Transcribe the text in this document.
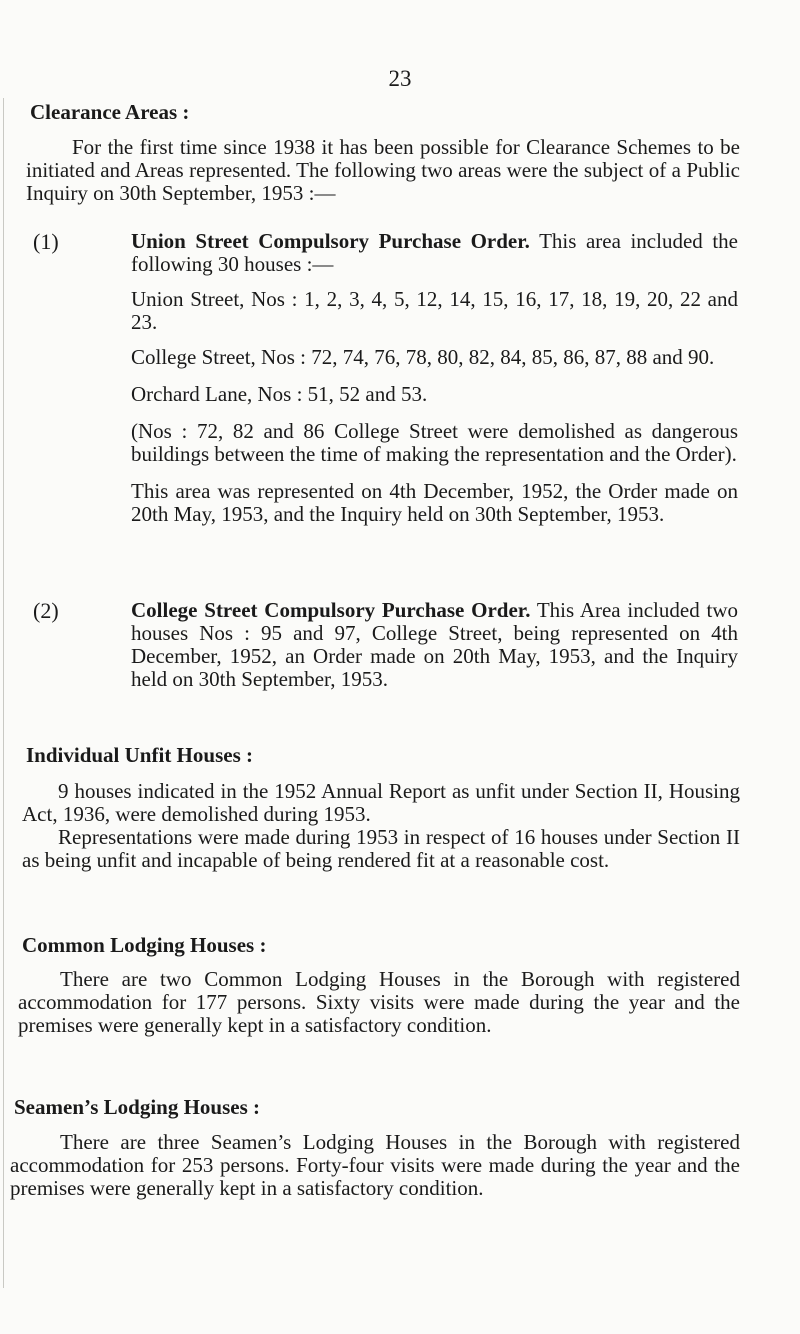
23
Clearance Areas :
For the first time since 1938 it has been possible for Clearance Schemes to be initiated and Areas represented. The following two areas were the subject of a Public Inquiry on 30th September, 1953 :—
(1)	Union Street Compulsory Purchase Order. This area included the following 30 houses :—

Union Street, Nos : 1, 2, 3, 4, 5, 12, 14, 15, 16, 17, 18, 19, 20, 22 and 23.

College Street, Nos : 72, 74, 76, 78, 80, 82, 84, 85, 86, 87, 88 and 90.

Orchard Lane, Nos : 51, 52 and 53.

(Nos : 72, 82 and 86 College Street were demolished as dangerous buildings between the time of making the representation and the Order).

This area was represented on 4th December, 1952, the Order made on 20th May, 1953, and the Inquiry held on 30th September, 1953.

(2)	College Street Compulsory Purchase Order. This Area included two houses Nos : 95 and 97, College Street, being represented on 4th December, 1952, an Order made on 20th May, 1953, and the Inquiry held on 30th September, 1953.

Individual Unfit Houses :
9 houses indicated in the 1952 Annual Report as unfit under Section II, Housing Act, 1936, were demolished during 1953.
Representations were made during 1953 in respect of 16 houses under Section II as being unfit and incapable of being rendered fit at a reasonable cost.
Common Lodging Houses :
There are two Common Lodging Houses in the Borough with registered accommodation for 177 persons. Sixty visits were made during the year and the premises were generally kept in a satisfactory condition.
Seamen’s Lodging Houses :
There are three Seamen’s Lodging Houses in the Borough with registered accommodation for 253 persons. Forty-four visits were made during the year and the premises were generally kept in a satisfactory condition.
